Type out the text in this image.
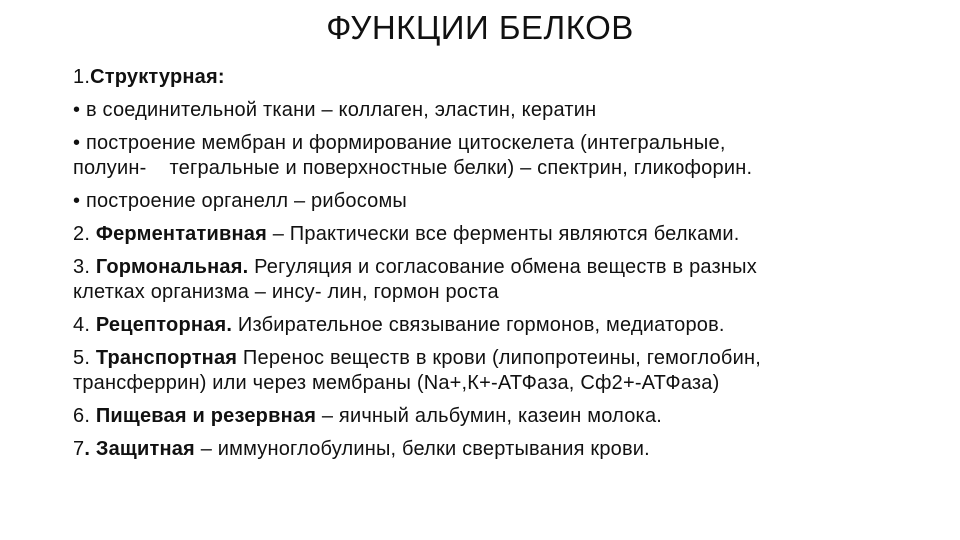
ФУНКЦИИ БЕЛКОВ
1.Структурная:
• в соединительной ткани – коллаген, эластин, кератин
• построение мембран и формирование цитоскелета (интегральные,
полуин-    тегральные и поверхностные белки) – спектрин, гликофорин.
• построение органелл – рибосомы
2. Ферментативная – Практически все ферменты являются белками.
3. Гормональная. Регуляция и согласование обмена веществ в разных
клетках организма – инсу- лин, гормон роста
4. Рецепторная. Избирательное связывание гормонов, медиаторов.
5. Транспортная Перенос веществ в крови (липопротеины, гемоглобин,
трансферрин) или через мембраны (Na+,К+-АТФаза, Сф2+-АТФаза)
6. Пищевая и резервная – яичный альбумин, казеин молока.
7. Защитная – иммуноглобулины, белки свертывания крови.
